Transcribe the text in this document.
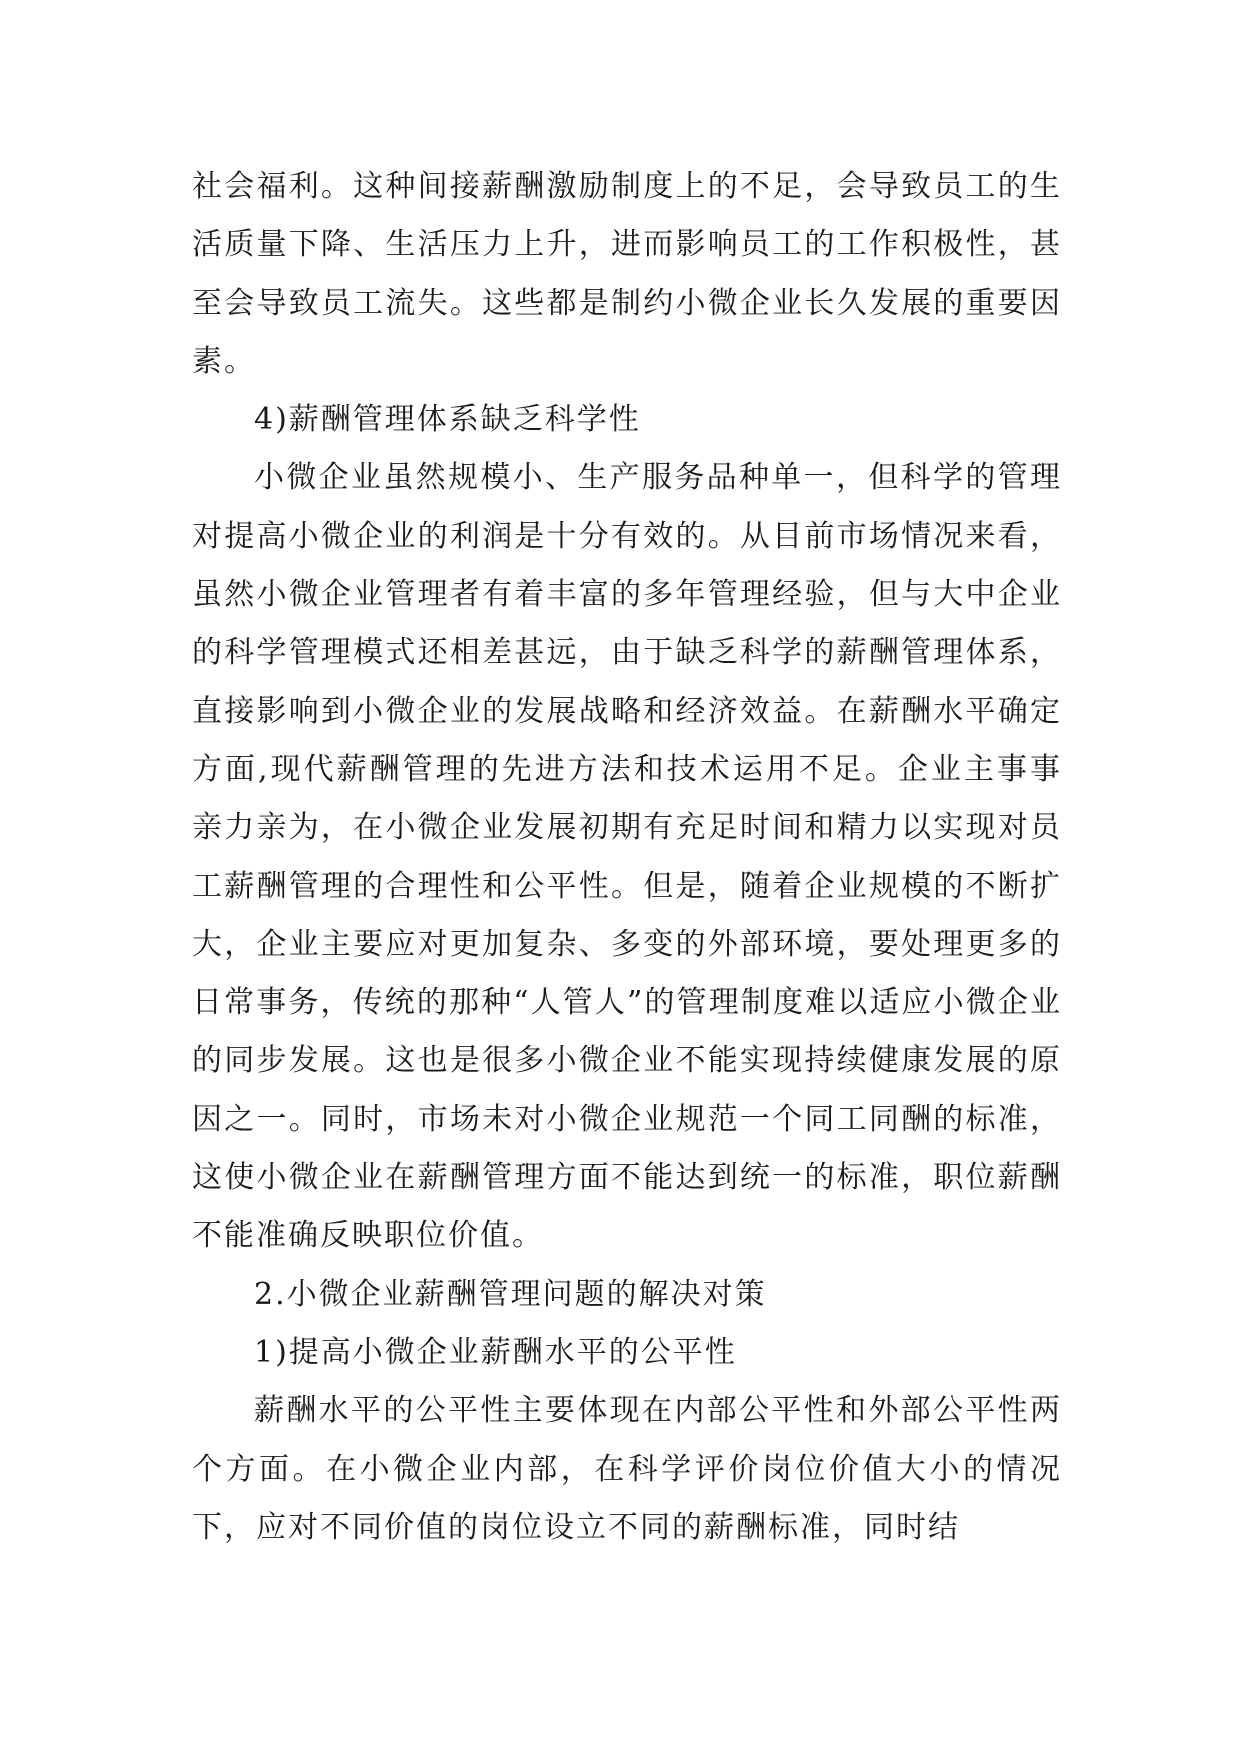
社会福利。这种间接薪酬激励制度上的不足，会导致员工的生活质量下降、生活压力上升，进而影响员工的工作积极性，甚至会导致员工流失。这些都是制约小微企业长久发展的重要因素。

4)薪酬管理体系缺乏科学性

小微企业虽然规模小、生产服务品种单一，但科学的管理对提高小微企业的利润是十分有效的。从目前市场情况来看，虽然小微企业管理者有着丰富的多年管理经验，但与大中企业的科学管理模式还相差甚远，由于缺乏科学的薪酬管理体系，直接影响到小微企业的发展战略和经济效益。在薪酬水平确定方面,现代薪酬管理的先进方法和技术运用不足。企业主事事亲力亲为，在小微企业发展初期有充足时间和精力以实现对员工薪酬管理的合理性和公平性。但是，随着企业规模的不断扩大，企业主要应对更加复杂、多变的外部环境，要处理更多的日常事务，传统的那种“人管人”的管理制度难以适应小微企业的同步发展。这也是很多小微企业不能实现持续健康发展的原因之一。同时，市场未对小微企业规范一个同工同酬的标准，这使小微企业在薪酬管理方面不能达到统一的标准，职位薪酬不能准确反映职位价值。

2.小微企业薪酬管理问题的解决对策

1)提高小微企业薪酬水平的公平性

薪酬水平的公平性主要体现在内部公平性和外部公平性两个方面。在小微企业内部，在科学评价岗位价值大小的情况下，应对不同价值的岗位设立不同的薪酬标准，同时结
